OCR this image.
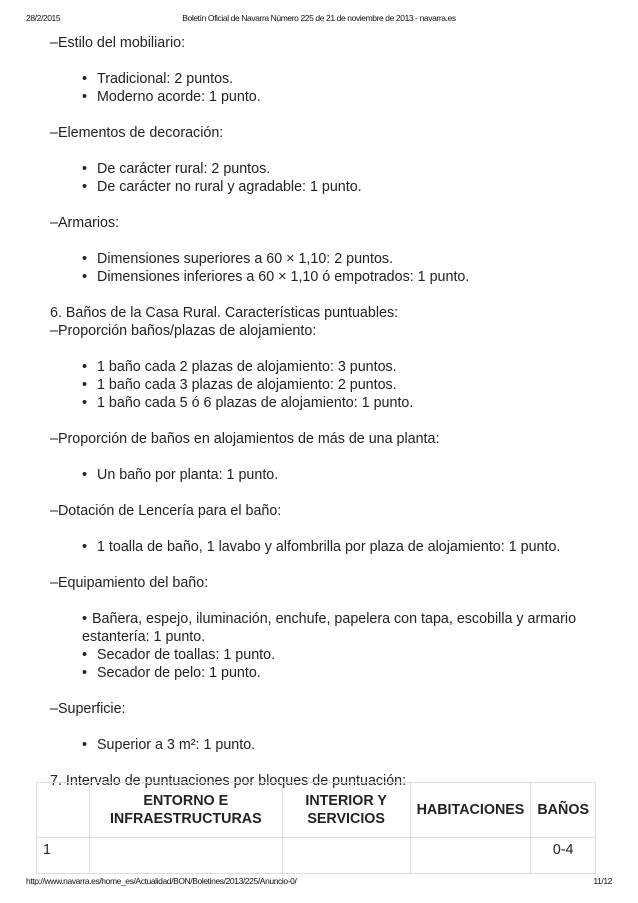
28/2/2015	Boletín Oficial de Navarra Número 225 de 21 de noviembre de 2013 - navarra.es

–Estilo del mobiliario:

• Tradicional: 2 puntos.
• Moderno acorde: 1 punto.

–Elementos de decoración:

• De carácter rural: 2 puntos.
• De carácter no rural y agradable: 1 punto.

–Armarios:

• Dimensiones superiores a 60 × 1,10: 2 puntos.
• Dimensiones inferiores a 60 × 1,10 ó empotrados: 1 punto.

6. Baños de la Casa Rural. Características puntuables:

–Proporción baños/plazas de alojamiento:

• 1 baño cada 2 plazas de alojamiento: 3 puntos.
• 1 baño cada 3 plazas de alojamiento: 2 puntos.
• 1 baño cada 5 ó 6 plazas de alojamiento: 1 punto.

–Proporción de baños en alojamientos de más de una planta:

• Un baño por planta: 1 punto.

–Dotación de Lencería para el baño:

• 1 toalla de baño, 1 lavabo y alfombrilla por plaza de alojamiento: 1 punto.

–Equipamiento del baño:

• Bañera, espejo, iluminación, enchufe, papelera con tapa, escobilla y armario estantería: 1 punto.
• Secador de toallas: 1 punto.
• Secador de pelo: 1 punto.

–Superficie:

• Superior a 3 m²: 1 punto.

7. Intervalo de puntuaciones por bloques de puntuación:

	ENTORNO E INFRAESTRUCTURAS	INTERIOR Y SERVICIOS	HABITACIONES	BAÑOS
1				0-4
http://www.navarra.es/home_es/Actualidad/BON/Boletines/2013/225/Anuncio-0/	11/12
